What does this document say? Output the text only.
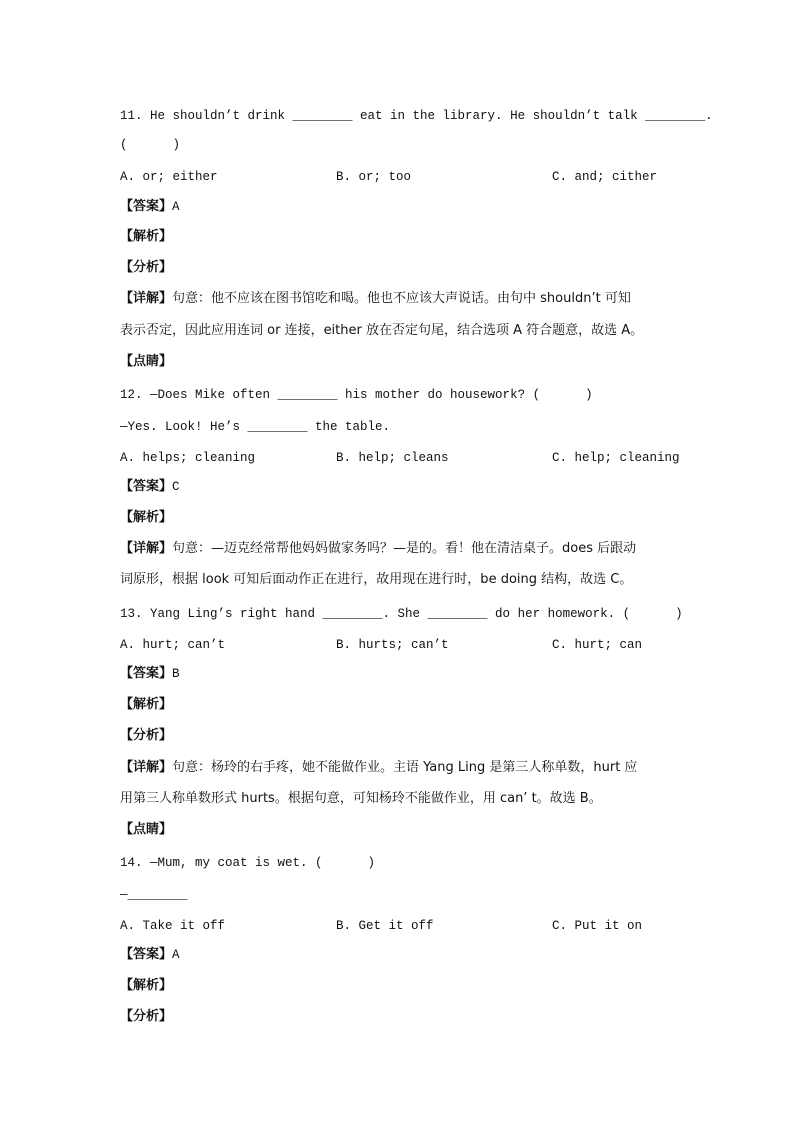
11. He shouldn’t drink ________ eat in the library. He shouldn’t talk ________.
(      )
A. or; either	B. or; too	C. and; cither
【答案】A
【解析】
【分析】
【详解】句意：他不应该在图书馆吃和喝。他也不应该大声说话。由句中 shouldn’t 可知
表示否定，因此应用连词 or 连接，either 放在否定句尾，结合选项 A 符合题意，故选 A。
【点睛】
12. —Does Mike often ________ his mother do housework? (      )
—Yes. Look! He’s ________ the table.
A. helps; cleaning	B. help; cleans	C. help; cleaning
【答案】C
【解析】
【详解】句意：—迈克经常帮他妈妈做家务吗？—是的。看！他在清洁桌子。does 后跟动
词原形，根据 look 可知后面动作正在进行，故用现在进行时，be doing 结构，故选 C。
13. Yang Ling’s right hand ________. She ________ do her homework. (      )
A. hurt; can’t	B. hurts; can’t	C. hurt; can
【答案】B
【解析】
【分析】
【详解】句意：杨玲的右手疼，她不能做作业。主语 Yang Ling 是第三人称单数，hurt 应
用第三人称单数形式 hurts。根据句意，可知杨玲不能做作业，用 can’ t。故选 B。
【点睛】
14. —Mum, my coat is wet. (      )
—________
A. Take it off	B. Get it off	C. Put it on
【答案】A
【解析】
【分析】
